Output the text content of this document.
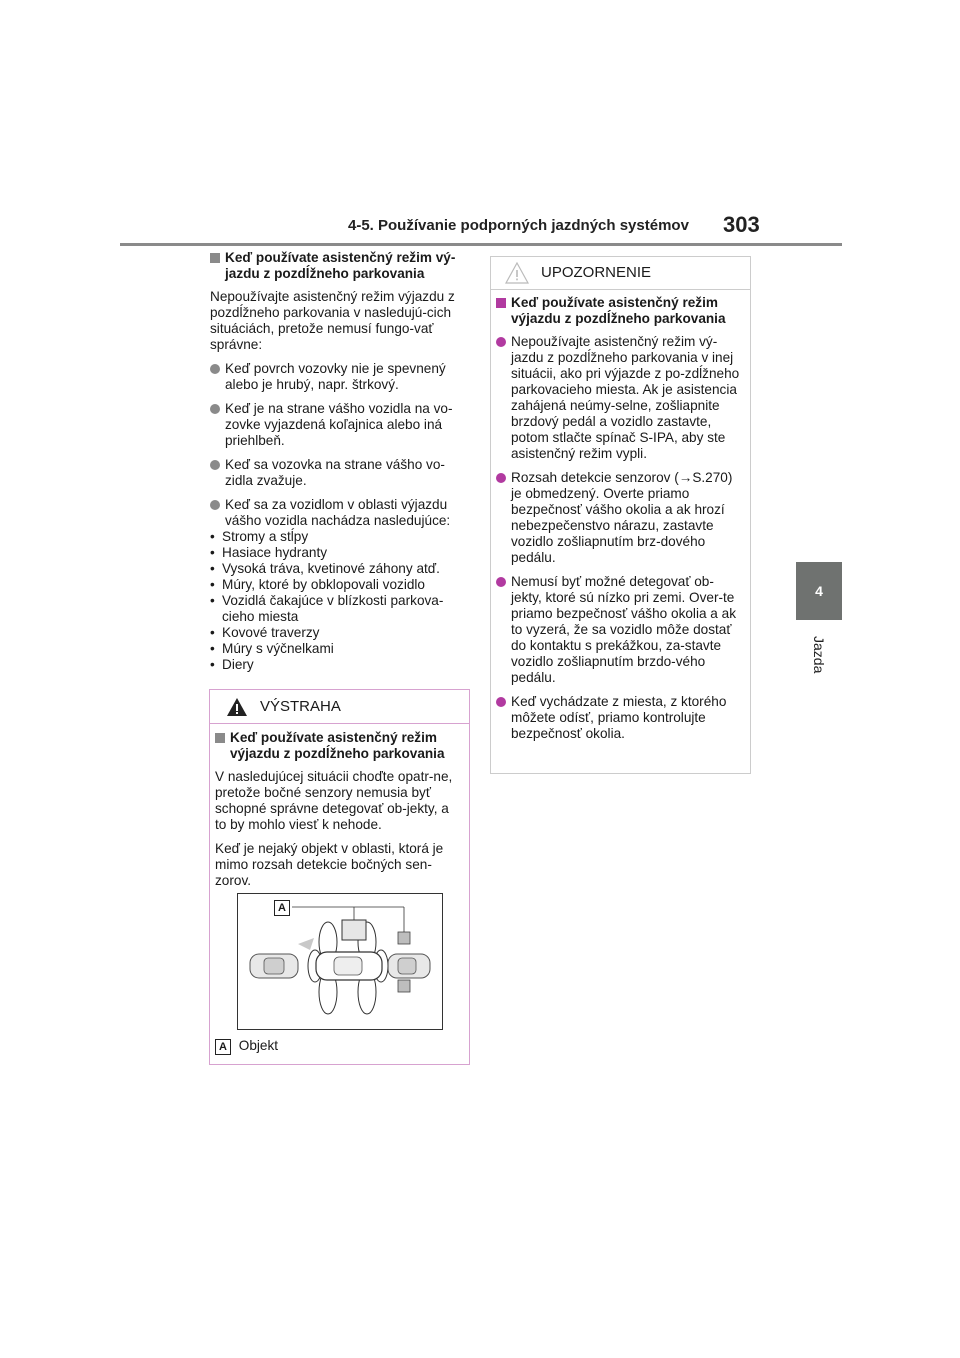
4-5. Používanie podporných jazdných systémov 303
4
Jazda
Keď používate asistenčný režim vý-jazdu z pozdĺžneho parkovania

Nepoužívajte asistenčný režim výjazdu z pozdĺžneho parkovania v nasledujú-cich situáciách, pretože nemusí fungo-vať správne:

Keď povrch vozovky nie je spevnený alebo je hrubý, napr. štrkový.
Keď je na strane vášho vozidla na vo-zovke vyjazdená koľajnica alebo iná priehlbeň.
Keď sa vozovka na strane vášho vo-zidla zvažuje.
Keď sa za vozidlom v oblasti výjazdu vášho vozidla nachádza nasledujúce:
• Stromy a stĺpy
• Hasiace hydranty
• Vysoká tráva, kvetinové záhony atď.
• Múry, ktoré by obklopovali vozidlo
• Vozidlá čakajúce v blízkosti parkova-cieho miesta
• Kovové traverzy
• Múry s výčnelkami
• Diery
VÝSTRAHA
Keď používate asistenčný režim výjazdu z pozdĺžneho parkovania

V nasledujúcej situácii choďte opatr-ne, pretože bočné senzory nemusia byť schopné správne detegovať ob-jekty, a to by mohlo viesť k nehode.

Keď je nejaký objekt v oblasti, ktorá je mimo rozsah detekcie bočných sen-zorov.

A
A Objekt
UPOZORNENIE
Keď používate asistenčný režim výjazdu z pozdĺžneho parkovania
Nepoužívajte asistenčný režim vý-jazdu z pozdĺžneho parkovania v inej situácii, ako pri výjazde z po-zdĺžneho parkovacieho miesta. Ak je asistencia zahájená neúmy-selne, zošliapnite brzdový pedál a vozidlo zastavte, potom stlačte spínač S-IPA, aby ste asistenčný režim vypli.
Rozsah detekcie senzorov (→S.270) je obmedzený. Overte priamo bezpečnosť vášho okolia a ak hrozí nebezpečenstvo nárazu, zastavte vozidlo zošliapnutím brz-dového pedálu.
Nemusí byť možné detegovať ob-jekty, ktoré sú nízko pri zemi. Over-te priamo bezpečnosť vášho okolia a ak to vyzerá, že sa vozidlo môže dostať do kontaktu s prekážkou, za-stavte vozidlo zošliapnutím brzdo-vého pedálu.
Keď vychádzate z miesta, z ktorého môžete odísť, priamo kontrolujte bezpečnosť okolia.
